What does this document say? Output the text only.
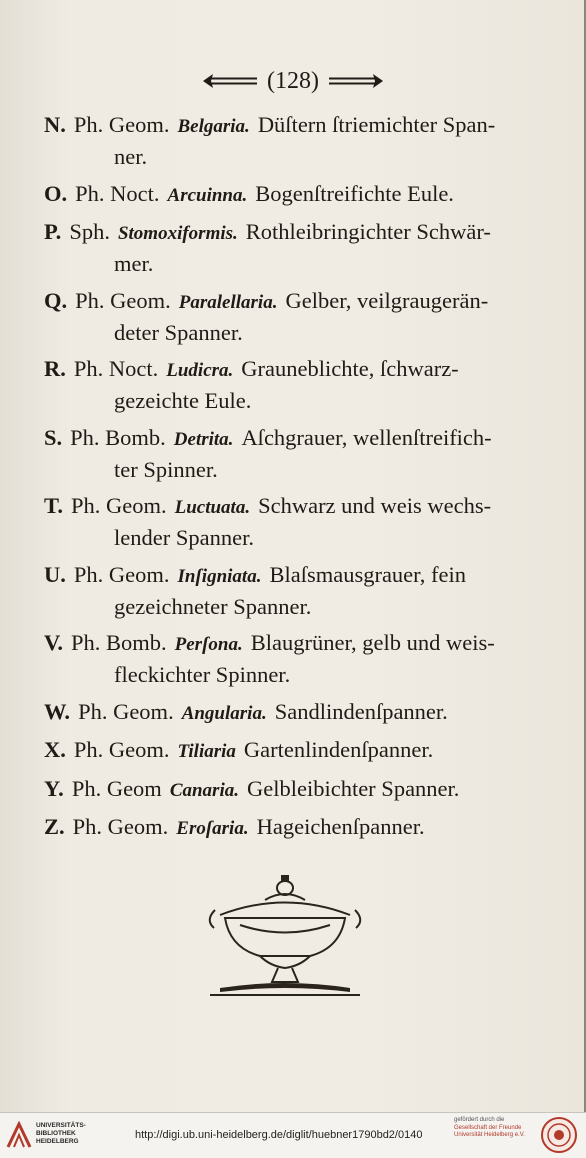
(128)
N. Ph. Geom. Belgaria. Düſtern ſtriemichter Span-
ner.
O. Ph. Noct. Arcuinna. Bogenſtreifichte Eule.
P. Sph. Stomoxiformis. Rothleibringichter Schwär-
mer.
Q. Ph. Geom. Paralellaria. Gelber, veilgraugerän-
deter Spanner.
R. Ph. Noct. Ludicra. Grauneblichte, ſchwarz-
gezeichte Eule.
S. Ph. Bomb. Detrita. Aſchgrauer, wellenſtreifich-
ter Spinner.
T. Ph. Geom. Luctuata. Schwarz und weis wechs-
lender Spanner.
U. Ph. Geom. Inſigniata. Blaſsmausgrauer, fein
gezeichneter Spanner.
V. Ph. Bomb. Perſona. Blaugrüner, gelb und weis-
fleckichter Spinner.
W. Ph. Geom. Angularia. Sandlindenſpanner.
X. Ph. Geom. Tiliaria Gartenlindenſpanner.
Y. Ph. Geom Canaria. Gelbleibichter Spanner.
Z. Ph. Geom. Eroſaria. Hageichenſpanner.
UNIVERSITÄTS-
BIBLIOTHEK
HEIDELBERG
http://digi.ub.uni-heidelberg.de/diglit/huebner1790bd2/0140
gefördert durch die
Gesellschaft der Freunde
Universität Heidelberg e.V.
